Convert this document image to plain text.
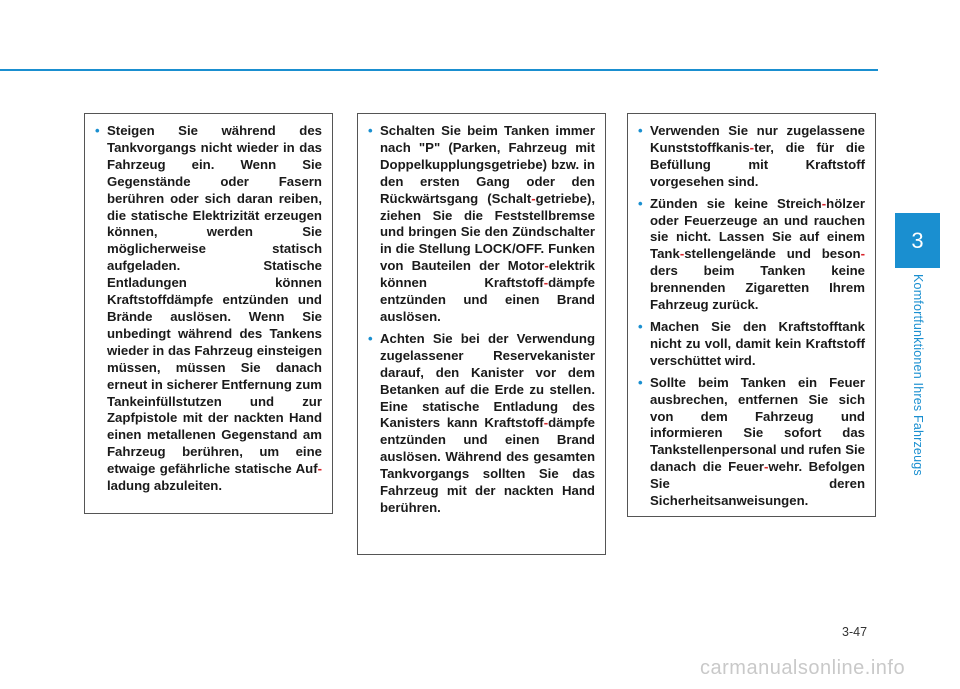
3
Komfortfunktionen Ihres Fahrzeugs
• Steigen Sie während des Tankvorgangs nicht wieder in das Fahrzeug ein. Wenn Sie Gegenstände oder Fasern berühren oder sich daran reiben, die statische Elektrizität erzeugen können, werden Sie möglicherweise statisch aufgeladen. Statische Entladungen können Kraftstoffdämpfe entzünden und Brände auslösen. Wenn Sie unbedingt während des Tankens wieder in das Fahrzeug einsteigen müssen, müssen Sie danach erneut in sicherer Entfernung zum Tankeinfüllstutzen und zur Zapfpistole mit der nackten Hand einen metallenen Gegenstand am Fahrzeug berühren, um eine etwaige gefährliche statische Auf-ladung abzuleiten.
• Schalten Sie beim Tanken immer nach "P" (Parken, Fahrzeug mit Doppelkupplungsgetriebe) bzw. in den ersten Gang oder den Rückwärtsgang (Schalt-getriebe), ziehen Sie die Feststellbremse und bringen Sie den Zündschalter in die Stellung LOCK/OFF. Funken von Bauteilen der Motor-elektrik können Kraftstoff-dämpfe entzünden und einen Brand auslösen.
• Achten Sie bei der Verwendung zugelassener Reservekanister darauf, den Kanister vor dem Betanken auf die Erde zu stellen. Eine statische Entladung des Kanisters kann Kraftstoff-dämpfe entzünden und einen Brand auslösen. Während des gesamten Tankvorgangs sollten Sie das Fahrzeug mit der nackten Hand berühren.
• Verwenden Sie nur zugelassene Kunststoffkanis-ter, die für die Befüllung mit Kraftstoff vorgesehen sind.
• Zünden sie keine Streich-hölzer oder Feuerzeuge an und rauchen sie nicht. Lassen Sie auf einem Tank-stellengelände und beson-ders beim Tanken keine brennenden Zigaretten Ihrem Fahrzeug zurück.
• Machen Sie den Kraftstofftank nicht zu voll, damit kein Kraftstoff verschüttet wird.
• Sollte beim Tanken ein Feuer ausbrechen, entfernen Sie sich von dem Fahrzeug und informieren Sie sofort das Tankstellenpersonal und rufen Sie danach die Feuer-wehr. Befolgen Sie deren Sicherheitsanweisungen.
3-47
carmanualsonline.info
